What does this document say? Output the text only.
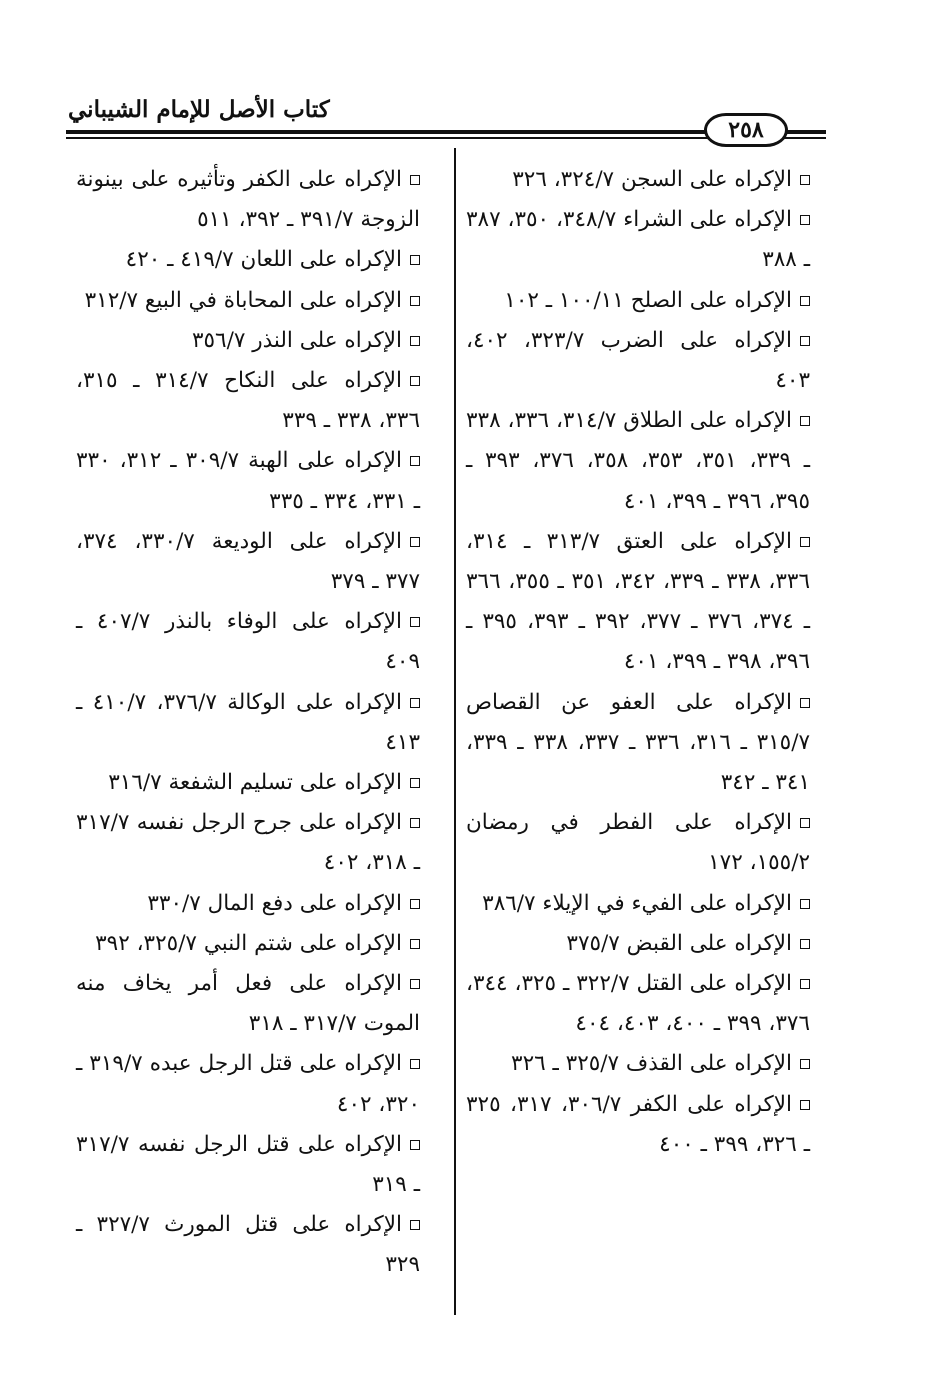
كتاب الأصل للإمام الشيباني
٢٥٨

الإكراه على السجن ٣٢٤/٧، ٣٢٦

الإكراه على الشراء ٣٤٨/٧، ٣٥٠، ٣٨٧ ـ ٣٨٨

الإكراه على الصلح ١٠٠/١١ ـ ١٠٢

الإكراه على الضرب ٣٢٣/٧، ٤٠٢، ٤٠٣

الإكراه على الطلاق ٣١٤/٧، ٣٣٦، ٣٣٨ ـ ٣٣٩، ٣٥١، ٣٥٣، ٣٥٨، ٣٧٦، ٣٩٣ ـ ٣٩٥، ٣٩٦ ـ ٣٩٩، ٤٠١

الإكراه على العتق ٣١٣/٧ ـ ٣١٤، ٣٣٦، ٣٣٨ ـ ٣٣٩، ٣٤٢، ٣٥١ ـ ٣٥٥، ٣٦٦ ـ ٣٧٤، ٣٧٦ ـ ٣٧٧، ٣٩٢ ـ ٣٩٣، ٣٩٥ ـ ٣٩٦، ٣٩٨ ـ ٣٩٩، ٤٠١

الإكراه على العفو عن القصاص ٣١٥/٧ ـ ٣١٦، ٣٣٦ ـ ٣٣٧، ٣٣٨ ـ ٣٣٩، ٣٤١ ـ ٣٤٢

الإكراه على الفطر في رمضان ١٥٥/٢، ١٧٢

الإكراه على الفيء في الإيلاء ٣٨٦/٧

الإكراه على القبض ٣٧٥/٧

الإكراه على القتل ٣٢٢/٧ ـ ٣٢٥، ٣٤٤، ٣٧٦، ٣٩٩ ـ ٤٠٠، ٤٠٣، ٤٠٤

الإكراه على القذف ٣٢٥/٧ ـ ٣٢٦

الإكراه على الكفر ٣٠٦/٧، ٣١٧، ٣٢٥ ـ ٣٢٦، ٣٩٩ ـ ٤٠٠

الإكراه على الكفر وتأثيره على بينونة الزوجة ٣٩١/٧ ـ ٣٩٢، ٥١١

الإكراه على اللعان ٤١٩/٧ ـ ٤٢٠

الإكراه على المحاباة في البيع ٣١٢/٧

الإكراه على النذر ٣٥٦/٧

الإكراه على النكاح ٣١٤/٧ ـ ٣١٥، ٣٣٦، ٣٣٨ ـ ٣٣٩

الإكراه على الهبة ٣٠٩/٧ ـ ٣١٢، ٣٣٠ ـ ٣٣١، ٣٣٤ ـ ٣٣٥

الإكراه على الوديعة ٣٣٠/٧، ٣٧٤، ٣٧٧ ـ ٣٧٩

الإكراه على الوفاء بالنذر ٤٠٧/٧ ـ ٤٠٩

الإكراه على الوكالة ٣٧٦/٧، ٤١٠/٧ ـ ٤١٣

الإكراه على تسليم الشفعة ٣١٦/٧

الإكراه على جرح الرجل نفسه ٣١٧/٧ ـ ٣١٨، ٤٠٢

الإكراه على دفع المال ٣٣٠/٧

الإكراه على شتم النبي ٣٢٥/٧، ٣٩٢

الإكراه على فعل أمر يخاف منه الموت ٣١٧/٧ ـ ٣١٨

الإكراه على قتل الرجل عبده ٣١٩/٧ ـ ٣٢٠، ٤٠٢

الإكراه على قتل الرجل نفسه ٣١٧/٧ ـ ٣١٩

الإكراه على قتل المورث ٣٢٧/٧ ـ ٣٢٩
